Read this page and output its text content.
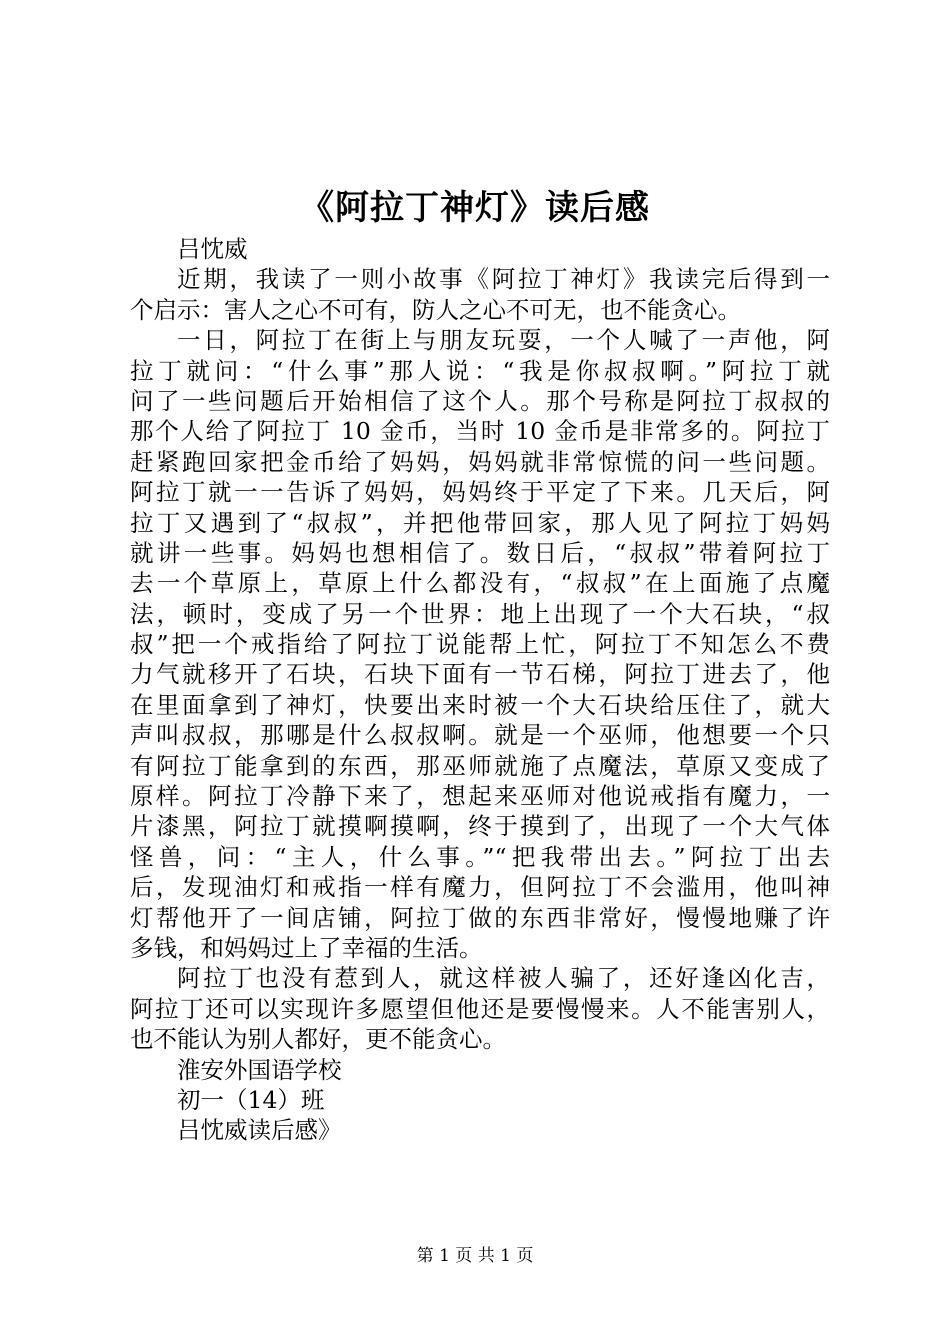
《阿拉丁神灯》读后感
吕忱威
近期，我读了一则小故事《阿拉丁神灯》我读完后得到一
个启示：害人之心不可有，防人之心不可无，也不能贪心。
一日，阿拉丁在街上与朋友玩耍，一个人喊了一声他，阿
拉丁就问：“什么事”那人说：“我是你叔叔啊。”阿拉丁就
问了一些问题后开始相信了这个人。那个号称是阿拉丁叔叔的
那个人给了阿拉丁 10 金币，当时 10 金币是非常多的。阿拉丁
赶紧跑回家把金币给了妈妈，妈妈就非常惊慌的问一些问题。
阿拉丁就一一告诉了妈妈，妈妈终于平定了下来。几天后，阿
拉丁又遇到了“叔叔”，并把他带回家，那人见了阿拉丁妈妈
就讲一些事。妈妈也想相信了。数日后，“叔叔”带着阿拉丁
去一个草原上，草原上什么都没有，“叔叔”在上面施了点魔
法，顿时，变成了另一个世界：地上出现了一个大石块，“叔
叔”把一个戒指给了阿拉丁说能帮上忙，阿拉丁不知怎么不费
力气就移开了石块，石块下面有一节石梯，阿拉丁进去了，他
在里面拿到了神灯，快要出来时被一个大石块给压住了，就大
声叫叔叔，那哪是什么叔叔啊。就是一个巫师，他想要一个只
有阿拉丁能拿到的东西，那巫师就施了点魔法，草原又变成了
原样。阿拉丁冷静下来了，想起来巫师对他说戒指有魔力，一
片漆黑，阿拉丁就摸啊摸啊，终于摸到了，出现了一个大气体
怪兽，问：“主人，什么事。”“把我带出去。”阿拉丁出去
后，发现油灯和戒指一样有魔力，但阿拉丁不会滥用，他叫神
灯帮他开了一间店铺，阿拉丁做的东西非常好，慢慢地赚了许
多钱，和妈妈过上了幸福的生活。
阿拉丁也没有惹到人，就这样被人骗了，还好逢凶化吉，
阿拉丁还可以实现许多愿望但他还是要慢慢来。人不能害别人，
也不能认为别人都好，更不能贪心。
淮安外国语学校
初一（14）班
吕忱威读后感》
第 1 页 共 1 页
